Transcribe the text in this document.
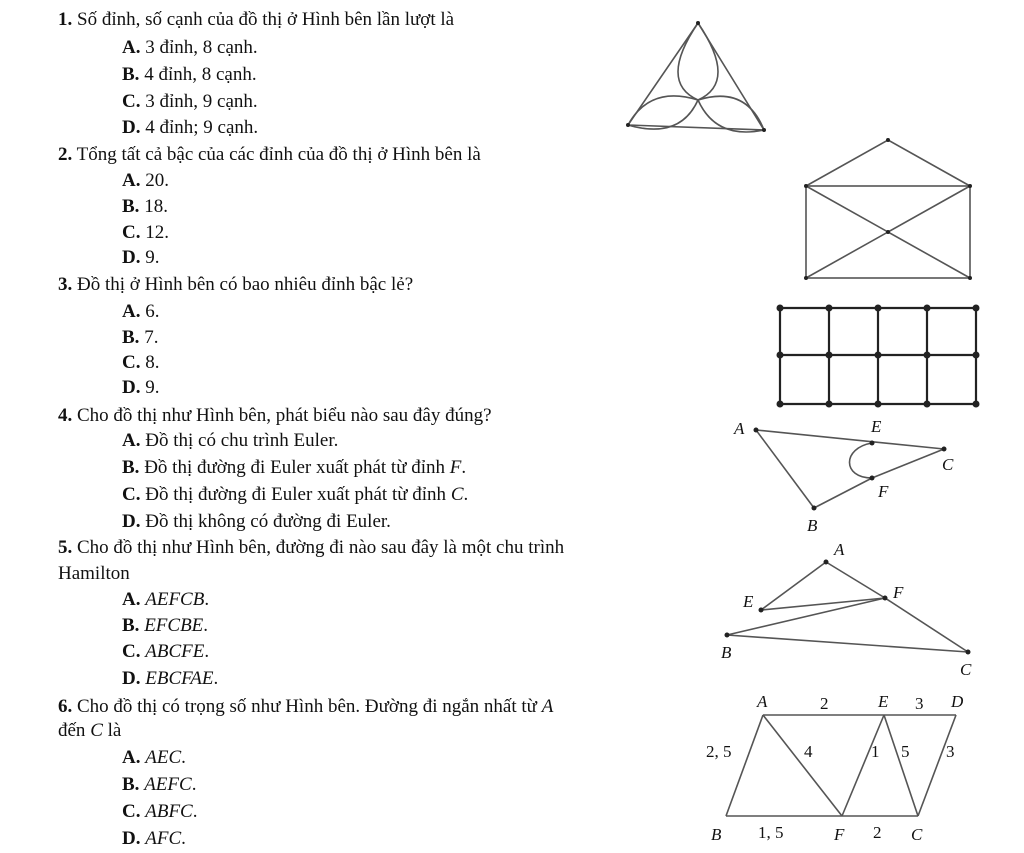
1. Số đỉnh, số cạnh của đồ thị ở Hình bên lần lượt là
A. 3 đỉnh, 8 cạnh.
B. 4 đỉnh, 8 cạnh.
C. 3 đỉnh, 9 cạnh.
D. 4 đỉnh; 9 cạnh.
2. Tổng tất cả bậc của các đỉnh của đồ thị ở Hình bên là
A. 20.
B. 18.
C. 12.
D. 9.
3. Đồ thị ở Hình bên có bao nhiêu đỉnh bậc lẻ?
A. 6.
B. 7.
C. 8.
D. 9.
4. Cho đồ thị như Hình bên, phát biểu nào sau đây đúng?
A. Đồ thị có chu trình Euler.
B. Đồ thị đường đi Euler xuất phát từ đỉnh F.
C. Đồ thị đường đi Euler xuất phát từ đỉnh C.
D. Đồ thị không có đường đi Euler.
5. Cho đồ thị như Hình bên, đường đi nào sau đây là một chu trình
Hamilton
A. AEFCB.
B. EFCBE.
C. ABCFE.
D. EBCFAE.
6. Cho đồ thị có trọng số như Hình bên. Đường đi ngắn nhất từ A
đến C là
A. AEC.
B. AEFC.
C. ABFC.
D. AFC.
A	E
C
F
B
A
E	F
B
C
A	E	D
B	F	C
2	3
2, 5	4	1 5 3
1, 5	2
